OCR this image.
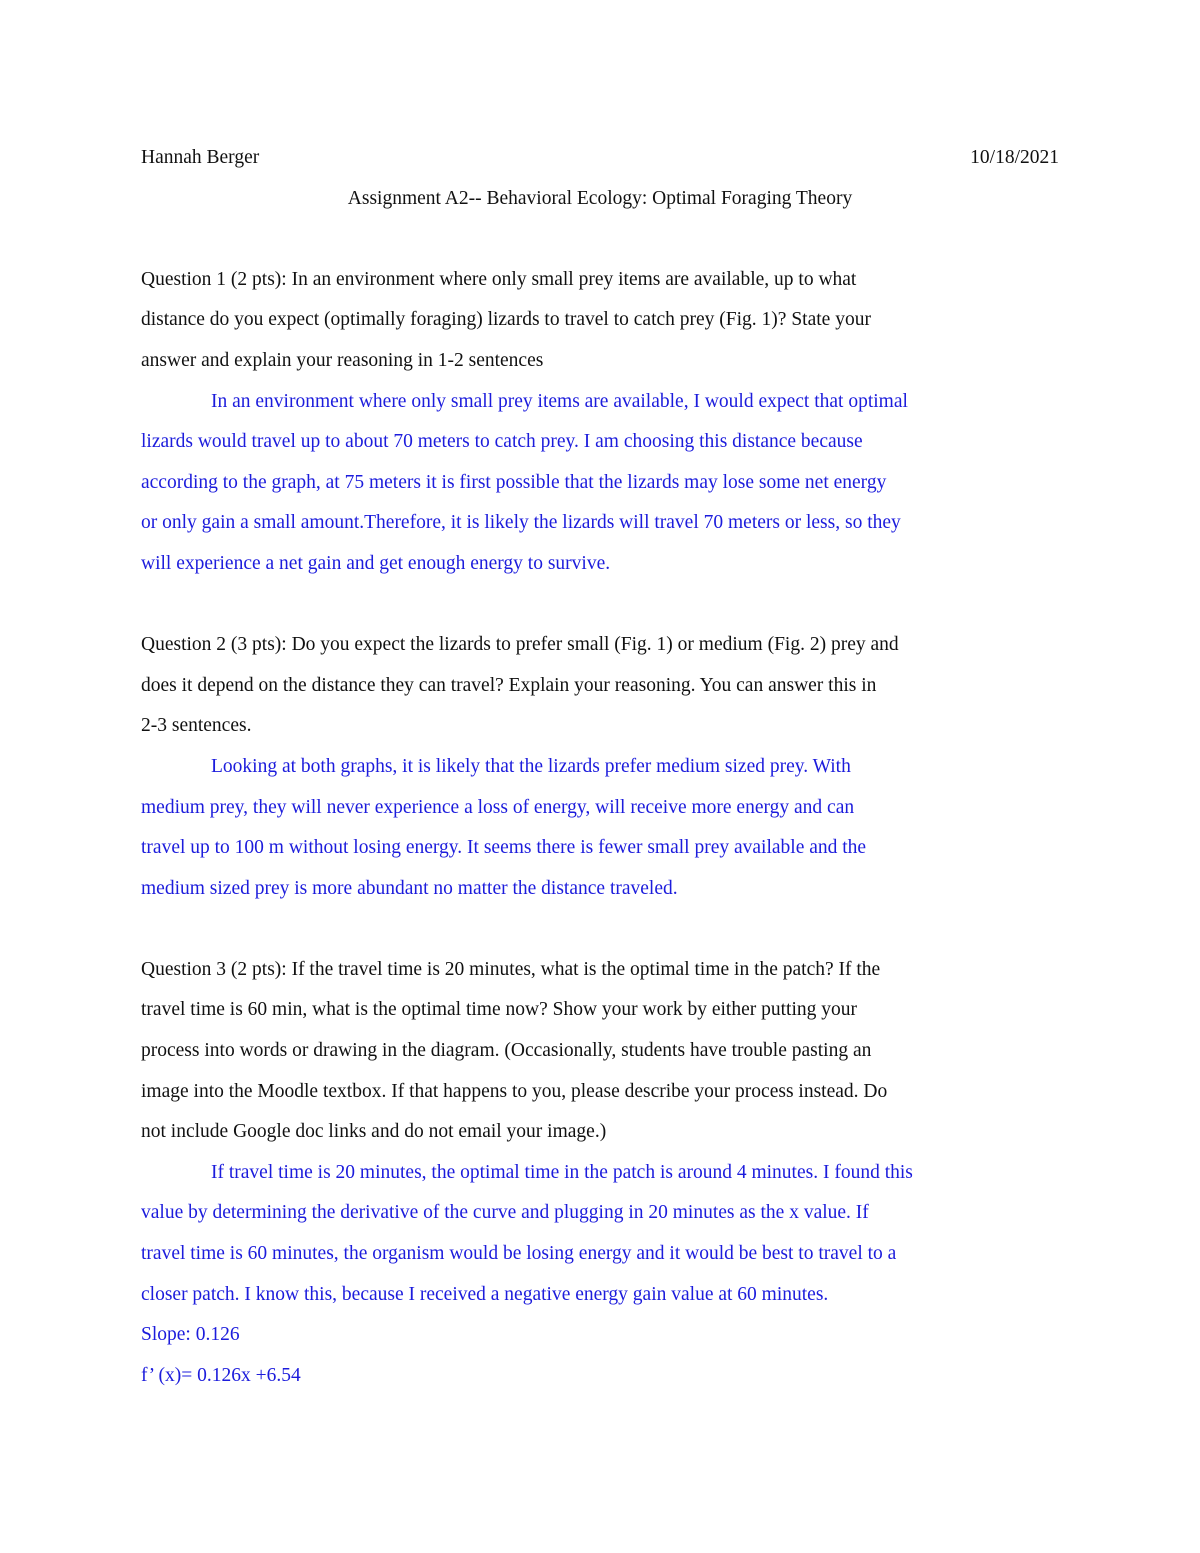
Hannah Berger	10/18/2021
Assignment A2-- Behavioral Ecology: Optimal Foraging Theory
Question 1 (2 pts): In an environment where only small prey items are available, up to what
distance do you expect (optimally foraging) lizards to travel to catch prey (Fig. 1)? State your
answer and explain your reasoning in 1-2 sentences
In an environment where only small prey items are available, I would expect that optimal
lizards would travel up to about 70 meters to catch prey. I am choosing this distance because
according to the graph, at 75 meters it is first possible that the lizards may lose some net energy
or only gain a small amount.Therefore, it is likely the lizards will travel 70 meters or less, so they
will experience a net gain and get enough energy to survive.
Question 2 (3 pts): Do you expect the lizards to prefer small (Fig. 1) or medium (Fig. 2) prey and
does it depend on the distance they can travel? Explain your reasoning. You can answer this in
2-3 sentences.
Looking at both graphs, it is likely that the lizards prefer medium sized prey. With
medium prey, they will never experience a loss of energy, will receive more energy and can
travel up to 100 m without losing energy. It seems there is fewer small prey available and the
medium sized prey is more abundant no matter the distance traveled.
Question 3 (2 pts): If the travel time is 20 minutes, what is the optimal time in the patch? If the
travel time is 60 min, what is the optimal time now? Show your work by either putting your
process into words or drawing in the diagram. (Occasionally, students have trouble pasting an
image into the Moodle textbox. If that happens to you, please describe your process instead. Do
not include Google doc links and do not email your image.)
If travel time is 20 minutes, the optimal time in the patch is around 4 minutes. I found this
value by determining the derivative of the curve and plugging in 20 minutes as the x value. If
travel time is 60 minutes, the organism would be losing energy and it would be best to travel to a
closer patch. I know this, because I received a negative energy gain value at 60 minutes.
Slope: 0.126
f’ (x)= 0.126x +6.54
